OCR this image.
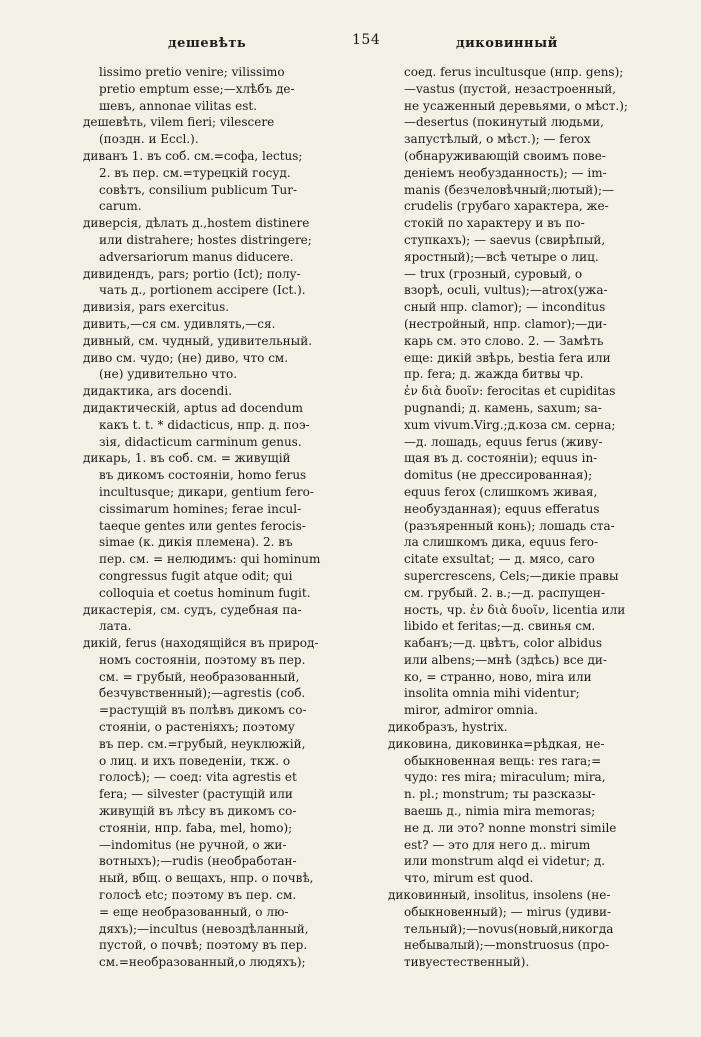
дешевѣть	154	диковинный
lissimo pretio venire; vilissimo
pretio emptum esse;—хлѣбъ де-
шевъ, annonae vilitas est.
дешевѣть, vilem fieri; vilescere
(поздн. и Eccl.).
диванъ 1. въ соб. см.=софа, lectus;
2. въ пер. см.=турецкій госуд.
совѣтъ, consilium publicum Tur-
carum.
диверсія, дѣлать д.,hostem distinere
или distrahere; hostes distringere;
adversariorum manus diducere.
дивидендъ, pars; portio (Ict); полу-
чать д., portionem accipere (Ict.).
дивизія, pars exercitus.
дивить,—ся см. удивлять,—ся.
дивный, см. чудный, удивительный.
диво см. чудо; (не) диво, что см.
(не) удивительно что.
дидактика, ars docendi.
дидактическій, aptus ad docendum
какъ t. t. * didacticus, нпр. д. поэ-
зія, didacticum carminum genus.
дикарь, 1. въ соб. см. = живущій
въ дикомъ состояніи, homo ferus
incultusque; дикари, gentium fero-
cissimarum homines; ferae incul-
taeque gentes или gentes ferocis-
simae (к. дикія племена). 2. въ
пер. см. = нелюдимъ: qui hominum
congressus fugit atque odit; qui
colloquia et coetus hominum fugit.
дикастерія, см. судъ, судебная па-
лата.
дикій, ferus (находящійся въ природ-
номъ состояніи, поэтому въ пер.
см. = грубый, необразованный,
безчувственный);—agrestis (соб.
=растущій въ полѣвъ дикомъ со-
стояніи, о растеніяхъ; поэтому
въ пер. см.=грубый, неуклюжій,
о лиц. и ихъ поведеніи, ткж. о
голосѣ); — соед: vita agrestis et
fera; — silvester (растущій или
живущій въ лѣсу въ дикомъ со-
стояніи, нпр. faba, mel, homo);
—indomitus (не ручной, о жи-
вотныхъ);—rudis (необработан-
ный, вбщ. о вещахъ, нпр. о почвѣ,
голосѣ etc; поэтому въ пер. см.
= еще необразованный, о лю-
дяхъ);—incultus (невоздѣланный,
пустой, о почвѣ; поэтому въ пер.
см.=необразованный,о людяхъ);
соед. ferus incultusque (нпр. gens);
—vastus (пустой, незастроенный,
не усаженный деревьями, о мѣст.);
—desertus (покинутый людьми,
запустѣлый, о мѣст.); — ferox
(обнаруживающій своимъ пове-
деніемъ необузданность); — im-
manis (безчеловѣчный;лютый);—
crudelis (грубаго характера, же-
стокій по характеру и въ по-
ступкахъ); — saevus (свирѣпый,
яростный);—всѣ четыре о лиц.
— trux (грозный, суровый, о
взорѣ, oculi, vultus);—atrox(ужа-
сный нпр. clamor); — inconditus
(нестройный, нпр. clamor);—ди-
карь см. это слово. 2. — Замѣть
еще: дикій звѣрь, bestia fera или
пр. fera; д. жажда битвы чр.
ἐν διὰ δυοῖν: ferocitas et cupiditas
pugnandi; д. камень, saxum; sa-
xum vivum.Virg.;д.коза см. серна;
—д. лошадь, equus ferus (живу-
щая въ д. состояніи); equus in-
domitus (не дрессированная);
equus ferox (слишкомъ живая,
необузданная); equus efferatus
(разъяренный конь); лошадь ста-
ла слишкомъ дика, equus fero-
citate exsultat; — д. мясо, caro
supercrescens, Cels;—дикіе правы
см. грубый. 2. в.;—д. распущен-
ность, чр. ἐν διὰ δυοῖν, licentia или
libido et feritas;—д. свинья см.
кабанъ;—д. цвѣтъ, color albidus
или albens;—мнѣ (здѣсь) все ди-
ко, = странно, ново, mira или
insolita omnia mihi videntur;
miror, admiror omnia.
дикобразъ, hystrix.
диковина, диковинка=рѣдкая, не-
обыкновенная вещь: res rara;=
чудо: res mira; miraculum; mira,
n. pl.; monstrum; ты разсказы-
ваешь д., nimia mira memoras;
не д. ли это? nonne monstri simile
est? — это для него д.. mirum
или monstrum alqd ei videtur; д.
что, mirum est quod.
диковинный, insolitus, insolens (не-
обыкновенный); — mirus (удиви-
тельный);—novus(новый,никогда
небывалый);—monstruosus (про-
тивуестественный).
